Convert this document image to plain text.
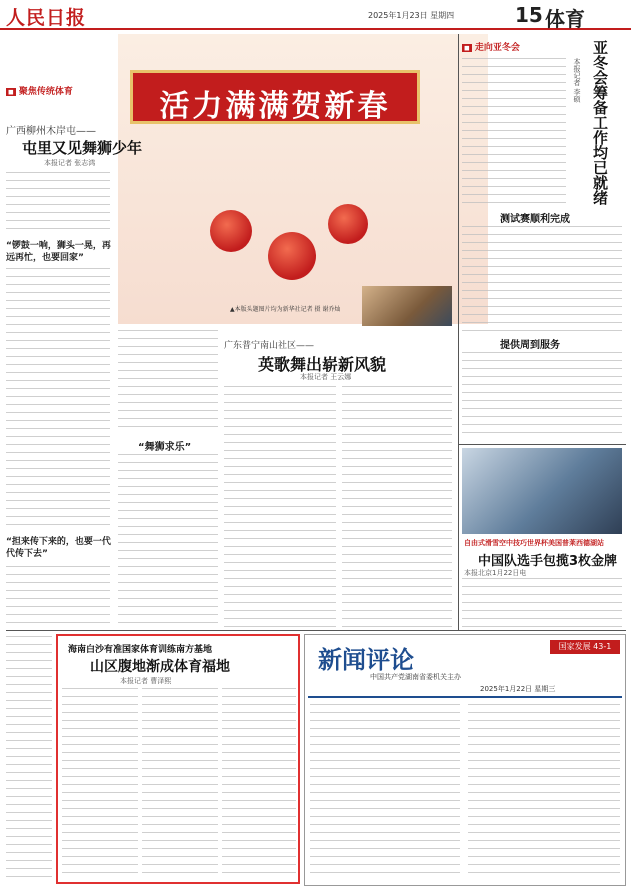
人民日报	2025年1月23日 星期四	15 体育
活力满满贺新春
▲本版头题图片均为新华社记者 摄 谢乔灿
◼ 聚焦传统体育
广西柳州木岸屯——
屯里又见舞狮少年
本报记者 张志鸿
“锣鼓一响，狮头一晃，再远再忙，也要回家”
“担来传下来的，也要一代代传下去”
“舞狮求乐”
广东普宁南山社区——
英歌舞出崭新风貌
本报记者 王云娜
◼ 走向亚冬会	亚冬会筹备工作均已就绪
本报记者 李硕
测试赛顺利完成
提供周到服务
自由式滑雪空中技巧世界杯美国普莱西德湖站
中国队选手包揽3枚金牌
本报北京1月22日电
海南白沙有准国家体育训练南方基地
山区腹地渐成体育福地
本报记者 曹泽熙
新闻评论	国家发展 43-1
中国共产党湖南省委机关主办
2025年1月22日 星期三
